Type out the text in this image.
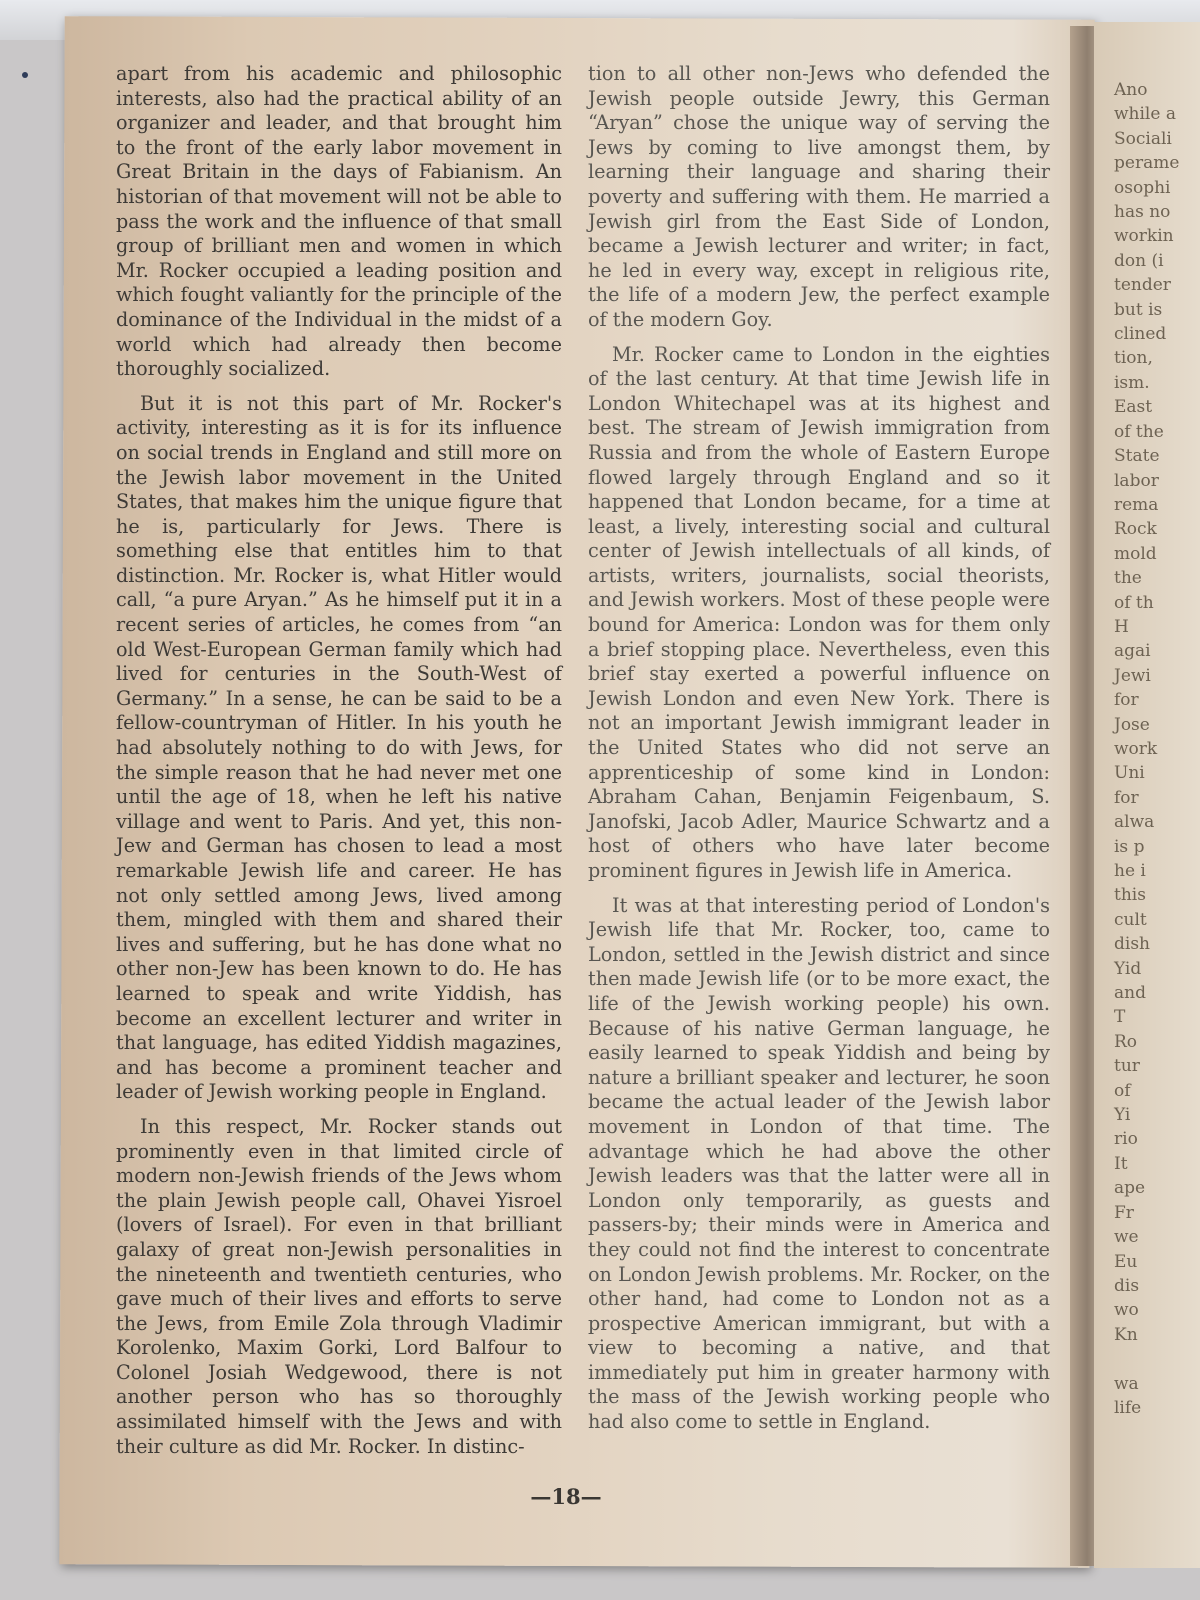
Ano
while a
Sociali
perame
osophi
has no
workin
don (i
tender
but is
clined
tion,
ism.
East
of the
State
labor
rema
Rock
mold
the
of th
H
agai
Jewi
for
Jose
work
Uni
for
alwa
is p
he i
this
cult
dish
Yid
and
T
Ro
tur
of
Yi
rio
It
ape
Fr
we
Eu
dis
wo
Kn

wa
life

apart from his academic and philosophic interests, also had the practical ability of an organizer and leader, and that brought him to the front of the early labor movement in Great Britain in the days of Fabianism. An historian of that movement will not be able to pass the work and the influence of that small group of brilliant men and women in which Mr. Rocker occupied a leading position and which fought valiantly for the principle of the dominance of the Individual in the midst of a world which had already then become thoroughly socialized.

But it is not this part of Mr. Rocker's activity, interesting as it is for its influence on social trends in England and still more on the Jewish labor movement in the United States, that makes him the unique figure that he is, particularly for Jews. There is something else that entitles him to that distinction. Mr. Rocker is, what Hitler would call, “a pure Aryan.” As he himself put it in a recent series of articles, he comes from “an old West-European German family which had lived for centuries in the South-West of Germany.” In a sense, he can be said to be a fellow-countryman of Hitler. In his youth he had absolutely nothing to do with Jews, for the simple reason that he had never met one until the age of 18, when he left his native village and went to Paris. And yet, this non-Jew and German has chosen to lead a most remarkable Jewish life and career. He has not only settled among Jews, lived among them, mingled with them and shared their lives and suffering, but he has done what no other non-Jew has been known to do. He has learned to speak and write Yiddish, has become an excellent lecturer and writer in that language, has edited Yiddish magazines, and has become a prominent teacher and leader of Jewish working people in England.

In this respect, Mr. Rocker stands out prominently even in that limited circle of modern non-Jewish friends of the Jews whom the plain Jewish people call, Ohavei Yisroel (lovers of Israel). For even in that brilliant galaxy of great non-Jewish personalities in the nineteenth and twentieth centuries, who gave much of their lives and efforts to serve the Jews, from Emile Zola through Vladimir Korolenko, Maxim Gorki, Lord Balfour to Colonel Josiah Wedgewood, there is not another person who has so thoroughly assimilated himself with the Jews and with their culture as did Mr. Rocker. In distinc-

tion to all other non-Jews who defended the Jewish people outside Jewry, this German “Aryan” chose the unique way of serving the Jews by coming to live amongst them, by learning their language and sharing their poverty and suffering with them. He married a Jewish girl from the East Side of London, became a Jewish lecturer and writer; in fact, he led in every way, except in religious rite, the life of a modern Jew, the perfect example of the modern Goy.

Mr. Rocker came to London in the eighties of the last century. At that time Jewish life in London Whitechapel was at its highest and best. The stream of Jewish immigration from Russia and from the whole of Eastern Europe flowed largely through England and so it happened that London became, for a time at least, a lively, interesting social and cultural center of Jewish intellectuals of all kinds, of artists, writers, journalists, social theorists, and Jewish workers. Most of these people were bound for America: London was for them only a brief stopping place. Nevertheless, even this brief stay exerted a powerful influence on Jewish London and even New York. There is not an important Jewish immigrant leader in the United States who did not serve an apprenticeship of some kind in London: Abraham Cahan, Benjamin Feigenbaum, S. Janofski, Jacob Adler, Maurice Schwartz and a host of others who have later become prominent figures in Jewish life in America.

It was at that interesting period of London's Jewish life that Mr. Rocker, too, came to London, settled in the Jewish district and since then made Jewish life (or to be more exact, the life of the Jewish working people) his own. Because of his native German language, he easily learned to speak Yiddish and being by nature a brilliant speaker and lecturer, he soon became the actual leader of the Jewish labor movement in London of that time. The advantage which he had above the other Jewish leaders was that the latter were all in London only temporarily, as guests and passers-by; their minds were in America and they could not find the interest to concentrate on London Jewish problems. Mr. Rocker, on the other hand, had come to London not as a prospective American immigrant, but with a view to becoming a native, and that immediately put him in greater harmony with the mass of the Jewish working people who had also come to settle in England.

—18—
